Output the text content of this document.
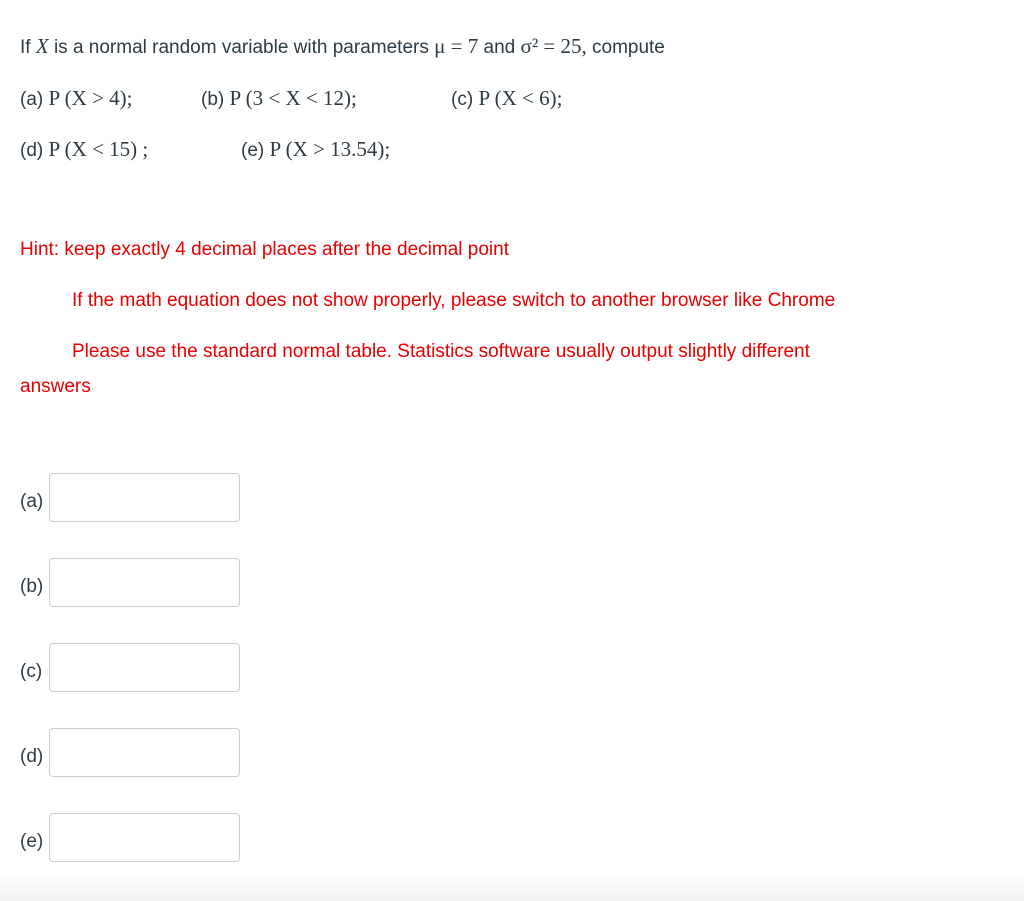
If X is a normal random variable with parameters μ = 7 and σ² = 25, compute
(a) P (X > 4);	(b) P (3 < X < 12);	(c) P (X < 6);
(d) P (X < 15) ;	(e) P (X > 13.54);
Hint: keep exactly 4 decimal places after the decimal point
If the math equation does not show properly, please switch to another browser like Chrome
Please use the standard normal table. Statistics software usually output slightly different
answers
(a)
(b)
(c)
(d)
(e)
